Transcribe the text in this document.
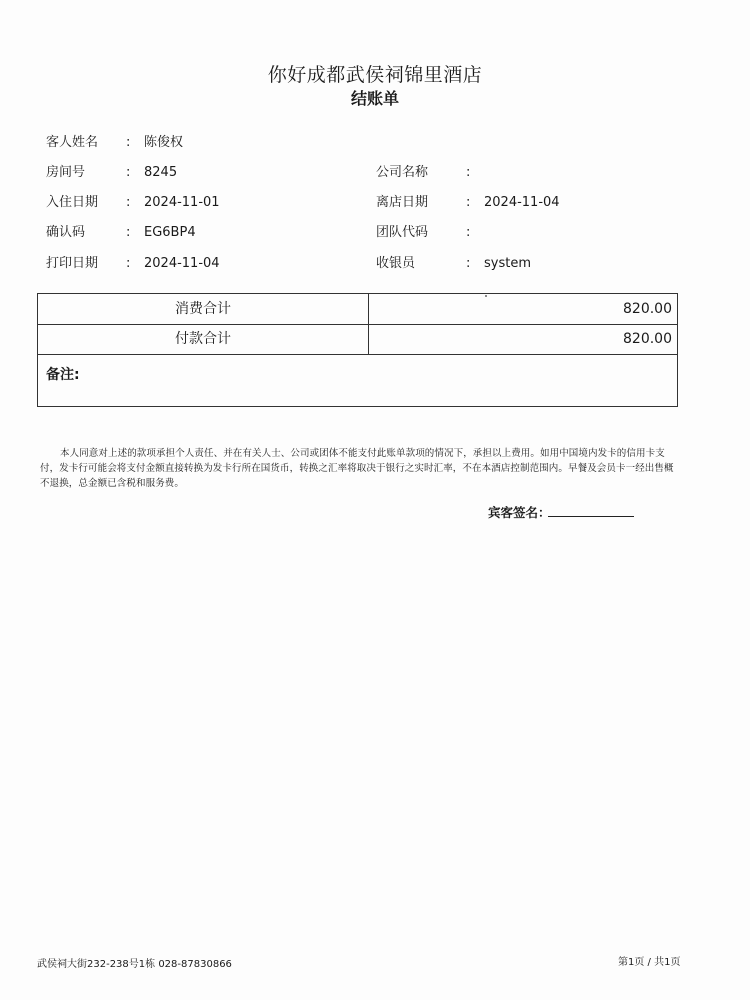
你好成都武侯祠锦里酒店
结账单
客人姓名 : 陈俊权
房间号	: 8245	公司名称	:
入住日期 : 2024-11-01	离店日期	: 2024-11-04
确认码	: EG6BP4	团队代码	:
打印日期 : 2024-11-04	收银员	: system
消费合计	820.00
付款合计	820.00
备注:
本人同意对上述的款项承担个人责任、并在有关人士、公司或团体不能支付此账单款项的情况下，承担以上费用。如用中国境内发卡的信用卡支付，发卡行可能会将支付金额直接转换为发卡行所在国货币，转换之汇率将取决于银行之实时汇率，不在本酒店控制范围内。早餐及会员卡一经出售概不退换，总金额已含税和服务费。
宾客签名：
武侯祠大街232-238号1栋 028-87830866	第1页 / 共1页
